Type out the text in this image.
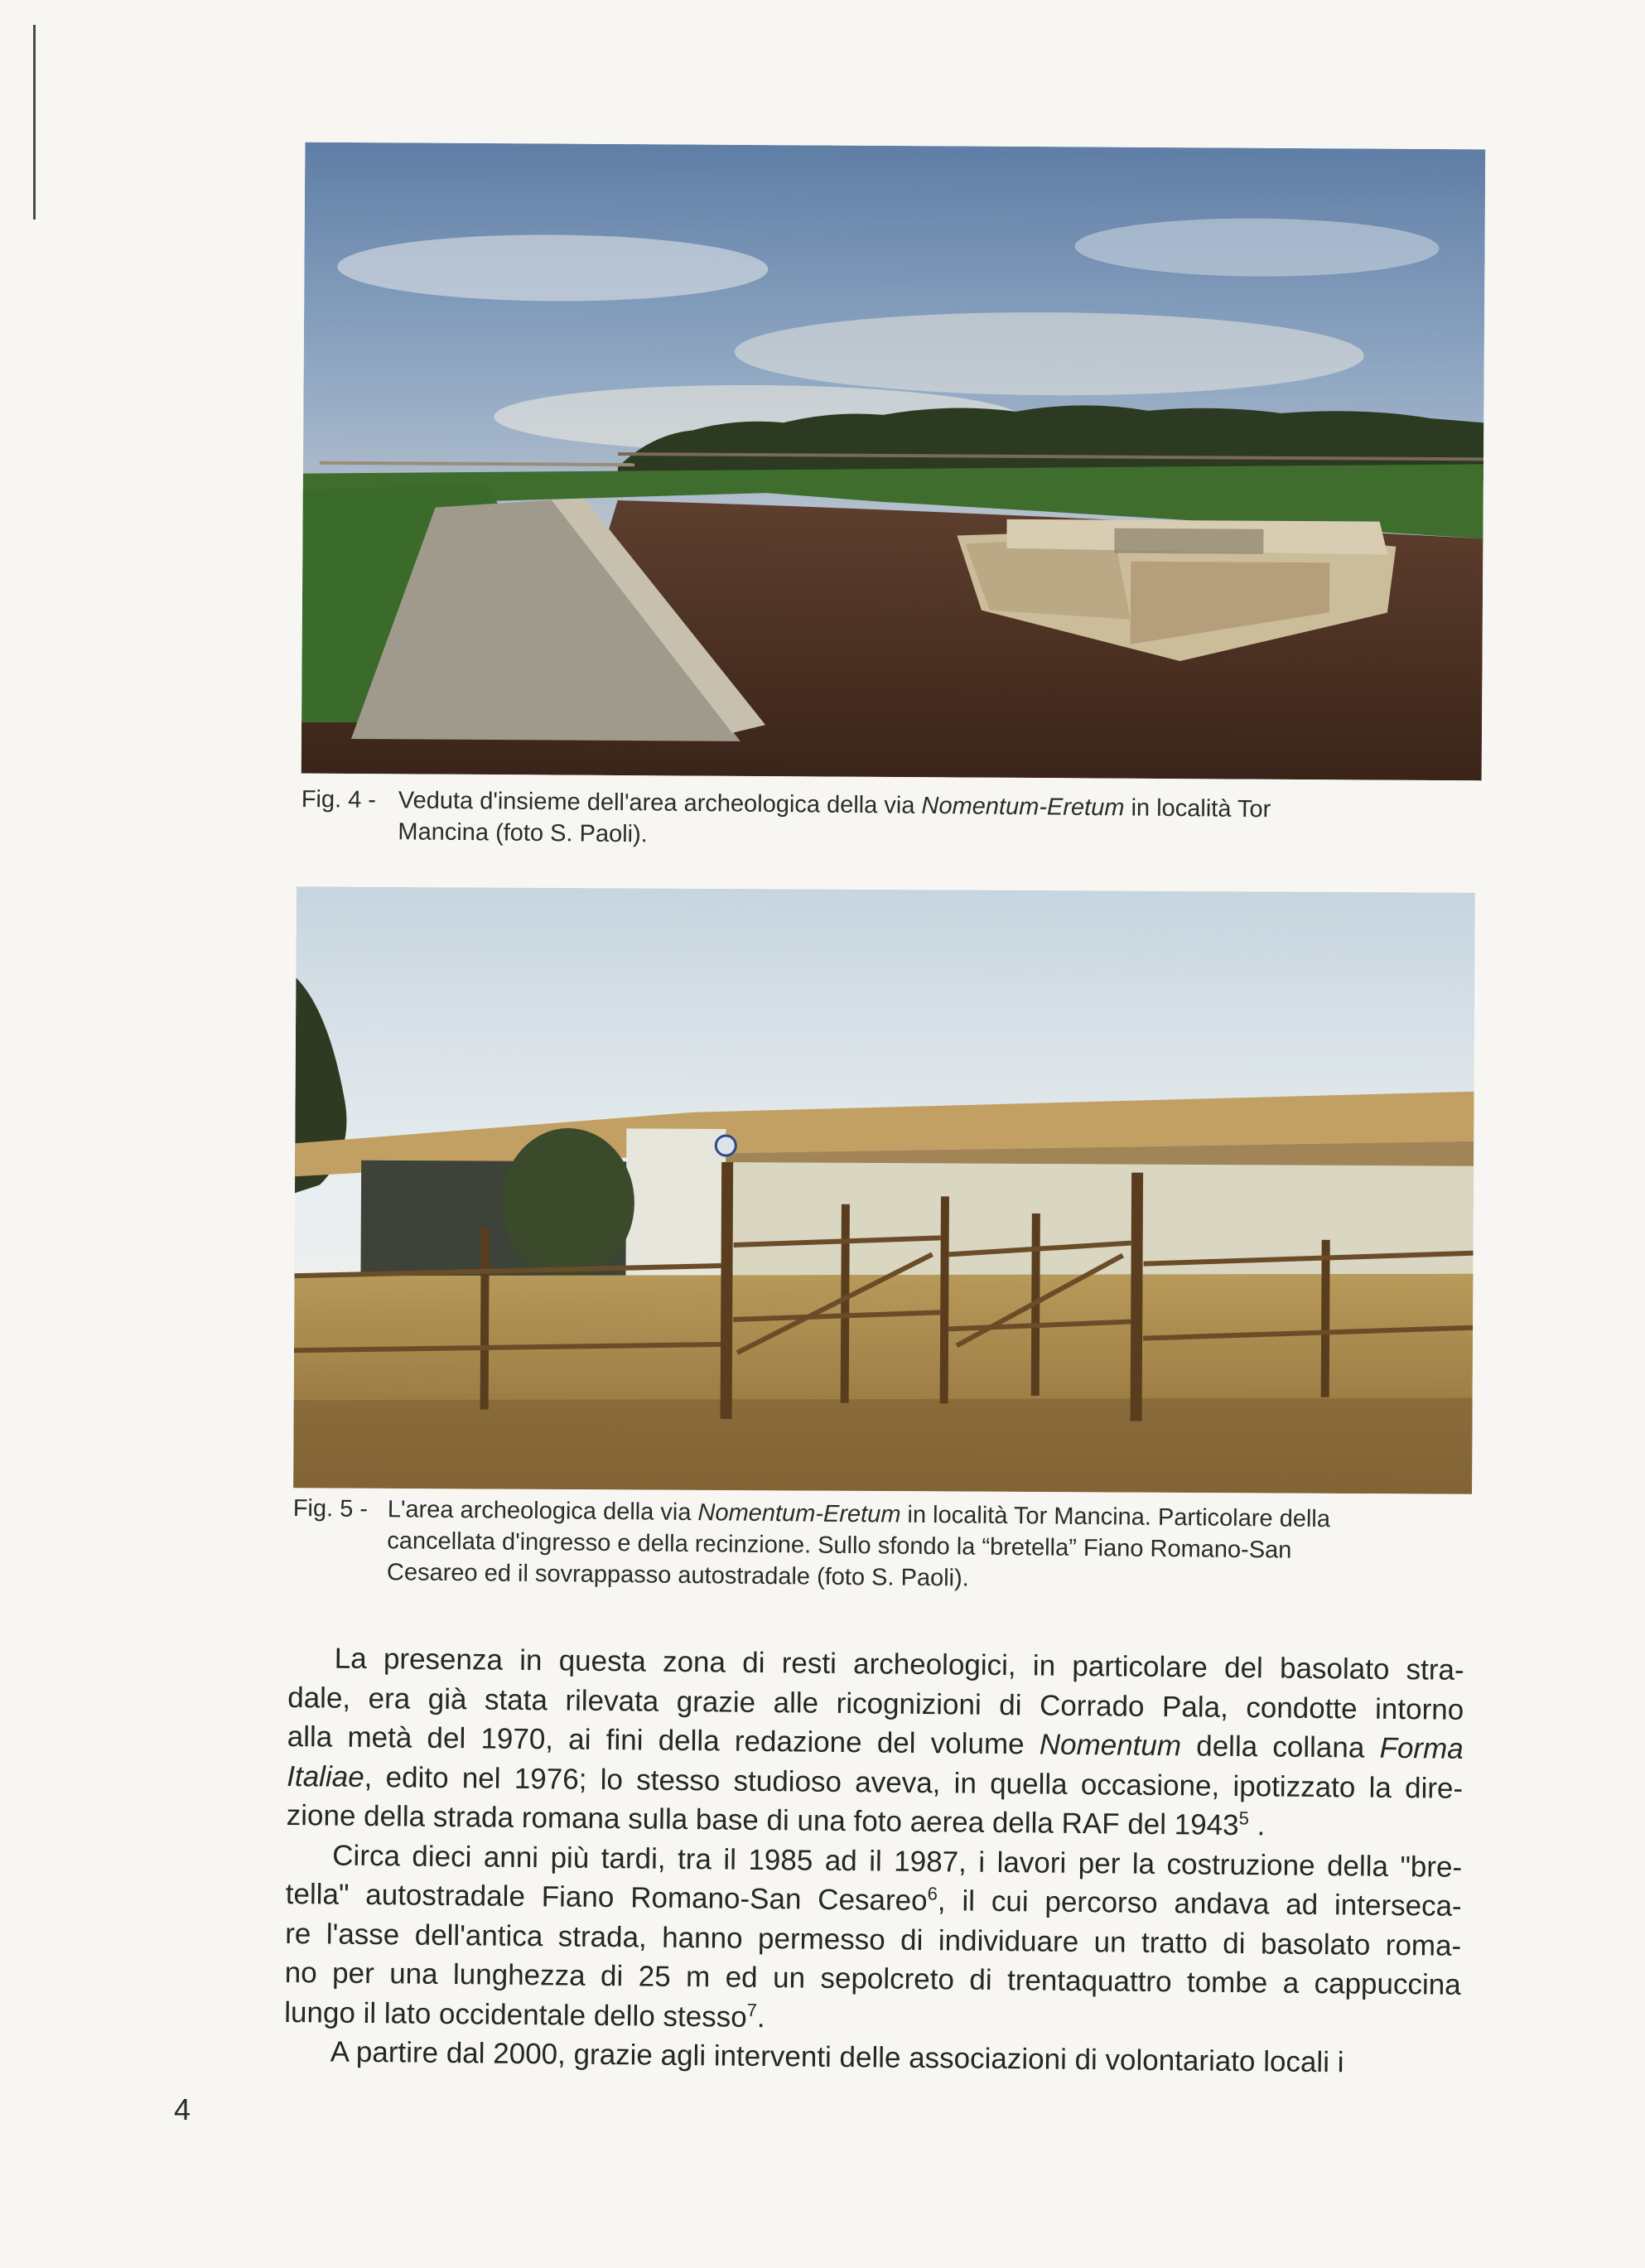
Fig. 4 - Veduta d'insieme dell'area archeologica della via Nomentum-Eretum in località Tor
Mancina (foto S. Paoli).
Fig. 5 - L'area archeologica della via Nomentum-Eretum in località Tor Mancina. Particolare della
cancellata d'ingresso e della recinzione. Sullo sfondo la “bretella” Fiano Romano-San
Cesareo ed il sovrappasso autostradale (foto S. Paoli).
La presenza in questa zona di resti archeologici, in particolare del basolato stra-
dale, era già stata rilevata grazie alle ricognizioni di Corrado Pala, condotte intorno
alla metà del 1970, ai fini della redazione del volume Nomentum della collana Forma
Italiae, edito nel 1976; lo stesso studioso aveva, in quella occasione, ipotizzato la dire-
zione della strada romana sulla base di una foto aerea della RAF del 1943$^5$ .
Circa dieci anni più tardi, tra il 1985 ad il 1987, i lavori per la costruzione della "bre-
tella" autostradale Fiano Romano-San Cesareo$^6$, il cui percorso andava ad interseca-
re l'asse dell'antica strada, hanno permesso di individuare un tratto di basolato roma-
no per una lunghezza di 25 m ed un sepolcreto di trentaquattro tombe a cappuccina
lungo il lato occidentale dello stesso$^7$.
A partire dal 2000, grazie agli interventi delle associazioni di volontariato locali i
4
